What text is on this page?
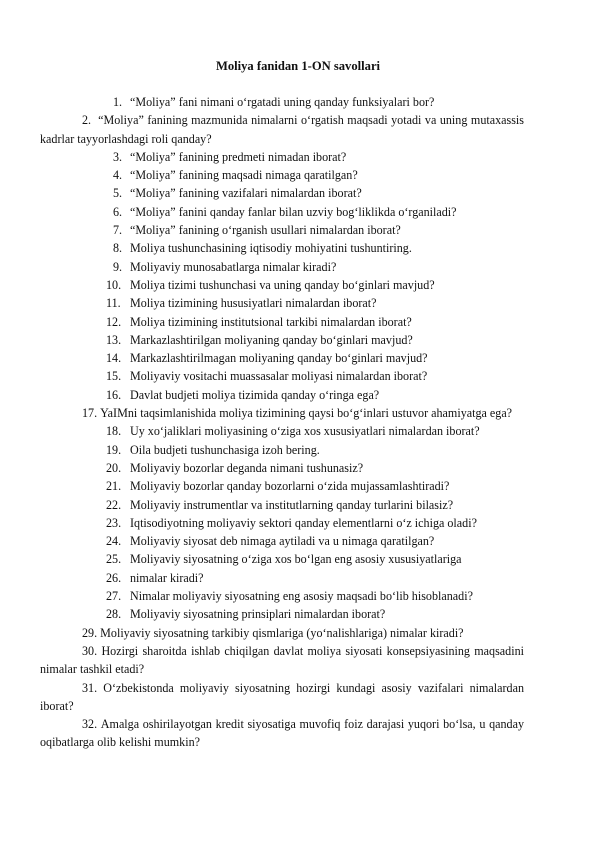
Moliya fanidan 1-ON savollari
1. “Moliya” fani nimani o‘rgatadi uning qanday funksiyalari bor?
2. “Moliya” fanining mazmunida nimalarni o‘rgatish maqsadi yotadi va uning mutaxassis kadrlar tayyorlashdagi roli qanday?
3. “Moliya” fanining predmeti nimadan iborat?
4. “Moliya” fanining maqsadi nimaga qaratilgan?
5. “Moliya” fanining vazifalari nimalardan iborat?
6. “Moliya” fanini qanday fanlar bilan uzviy bog‘liklikda o‘rganiladi?
7. “Moliya” fanining o‘rganish usullari nimalardan iborat?
8. Moliya tushunchasining iqtisodiy mohiyatini tushuntiring.
9. Moliyaviy munosabatlarga nimalar kiradi?
10. Moliya tizimi tushunchasi va uning qanday bo‘ginlari mavjud?
11. Moliya tizimining hususiyatlari nimalardan iborat?
12. Moliya tizimining institutsional tarkibi nimalardan iborat?
13. Markazlashtirilgan moliyaning qanday bo‘ginlari mavjud?
14. Markazlashtirilmagan moliyaning qanday bo‘ginlari mavjud?
15. Moliyaviy vositachi muassasalar moliyasi nimalardan iborat?
16. Davlat budjeti moliya tizimida qanday o‘ringa ega?
17. YaIMni taqsimlanishida moliya tizimining qaysi bo‘g‘inlari ustuvor ahamiyatga ega?
18. Uy xo‘jaliklari moliyasining o‘ziga xos xususiyatlari nimalardan iborat?
19. Oila budjeti tushunchasiga izoh bering.
20. Moliyaviy bozorlar deganda nimani tushunasiz?
21. Moliyaviy bozorlar qanday bozorlarni o‘zida mujassamlashtiradi?
22. Moliyaviy instrumentlar va institutlarning qanday turlarini bilasiz?
23. Iqtisodiyotning moliyaviy sektori qanday elementlarni o‘z ichiga oladi?
24. Moliyaviy siyosat deb nimaga aytiladi va u nimaga qaratilgan?
25. Moliyaviy siyosatning o‘ziga xos bo‘lgan eng asosiy xususiyatlariga
26. nimalar kiradi?
27. Nimalar moliyaviy siyosatning eng asosiy maqsadi bo‘lib hisoblanadi?
28. Moliyaviy siyosatning prinsiplari nimalardan iborat?
29. Moliyaviy siyosatning tarkibiy qismlariga (yo‘nalishlariga) nimalar kiradi?
30. Hozirgi sharoitda ishlab chiqilgan davlat moliya siyosati konsepsiyasining maqsadini nimalar tashkil etadi?
31. O‘zbekistonda moliyaviy siyosatning hozirgi kundagi asosiy vazifalari nimalardan iborat?
32. Amalga oshirilayotgan kredit siyosatiga muvofiq foiz darajasi yuqori bo‘lsa, u qanday oqibatlarga olib kelishi mumkin?
